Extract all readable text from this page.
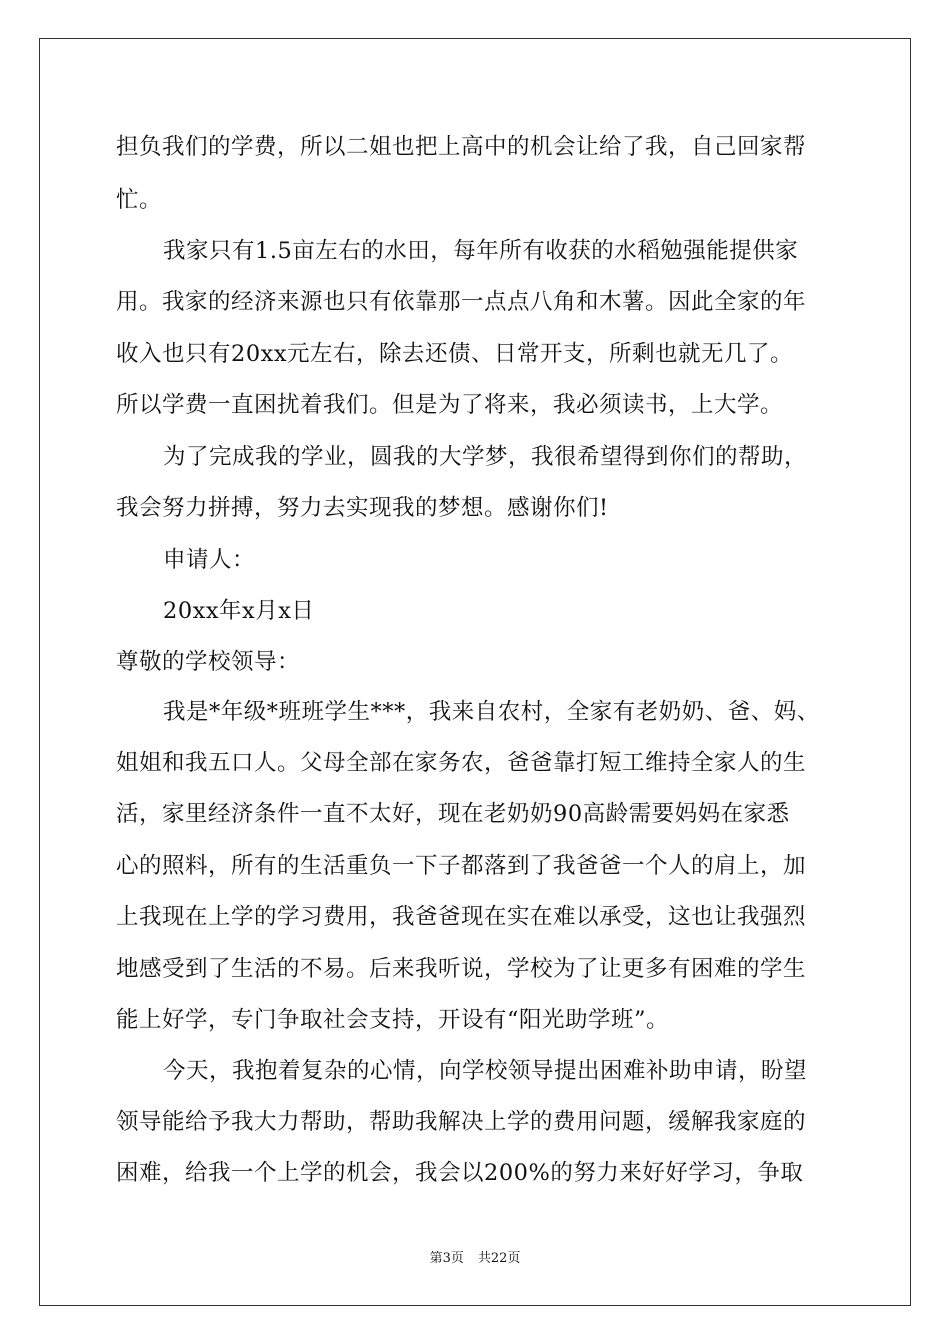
担负我们的学费，所以二姐也把上高中的机会让给了我，自己回家帮
忙。
我家只有1.5亩左右的水田，每年所有收获的水稻勉强能提供家
用。我家的经济来源也只有依靠那一点点八角和木薯。因此全家的年
收入也只有20xx元左右，除去还债、日常开支，所剩也就无几了。
所以学费一直困扰着我们。但是为了将来，我必须读书，上大学。
为了完成我的学业，圆我的大学梦，我很希望得到你们的帮助，
我会努力拼搏，努力去实现我的梦想。感谢你们!
申请人：
20xx年x月x日
尊敬的学校领导：
我是*年级*班班学生***，我来自农村，全家有老奶奶、爸、妈、
姐姐和我五口人。父母全部在家务农，爸爸靠打短工维持全家人的生
活，家里经济条件一直不太好，现在老奶奶90高龄需要妈妈在家悉
心的照料，所有的生活重负一下子都落到了我爸爸一个人的肩上，加
上我现在上学的学习费用，我爸爸现在实在难以承受，这也让我强烈
地感受到了生活的不易。后来我听说，学校为了让更多有困难的学生
能上好学，专门争取社会支持，开设有“阳光助学班”。
今天，我抱着复杂的心情，向学校领导提出困难补助申请，盼望
领导能给予我大力帮助，帮助我解决上学的费用问题，缓解我家庭的
困难，给我一个上学的机会，我会以200%的努力来好好学习，争取
第3页 共22页
